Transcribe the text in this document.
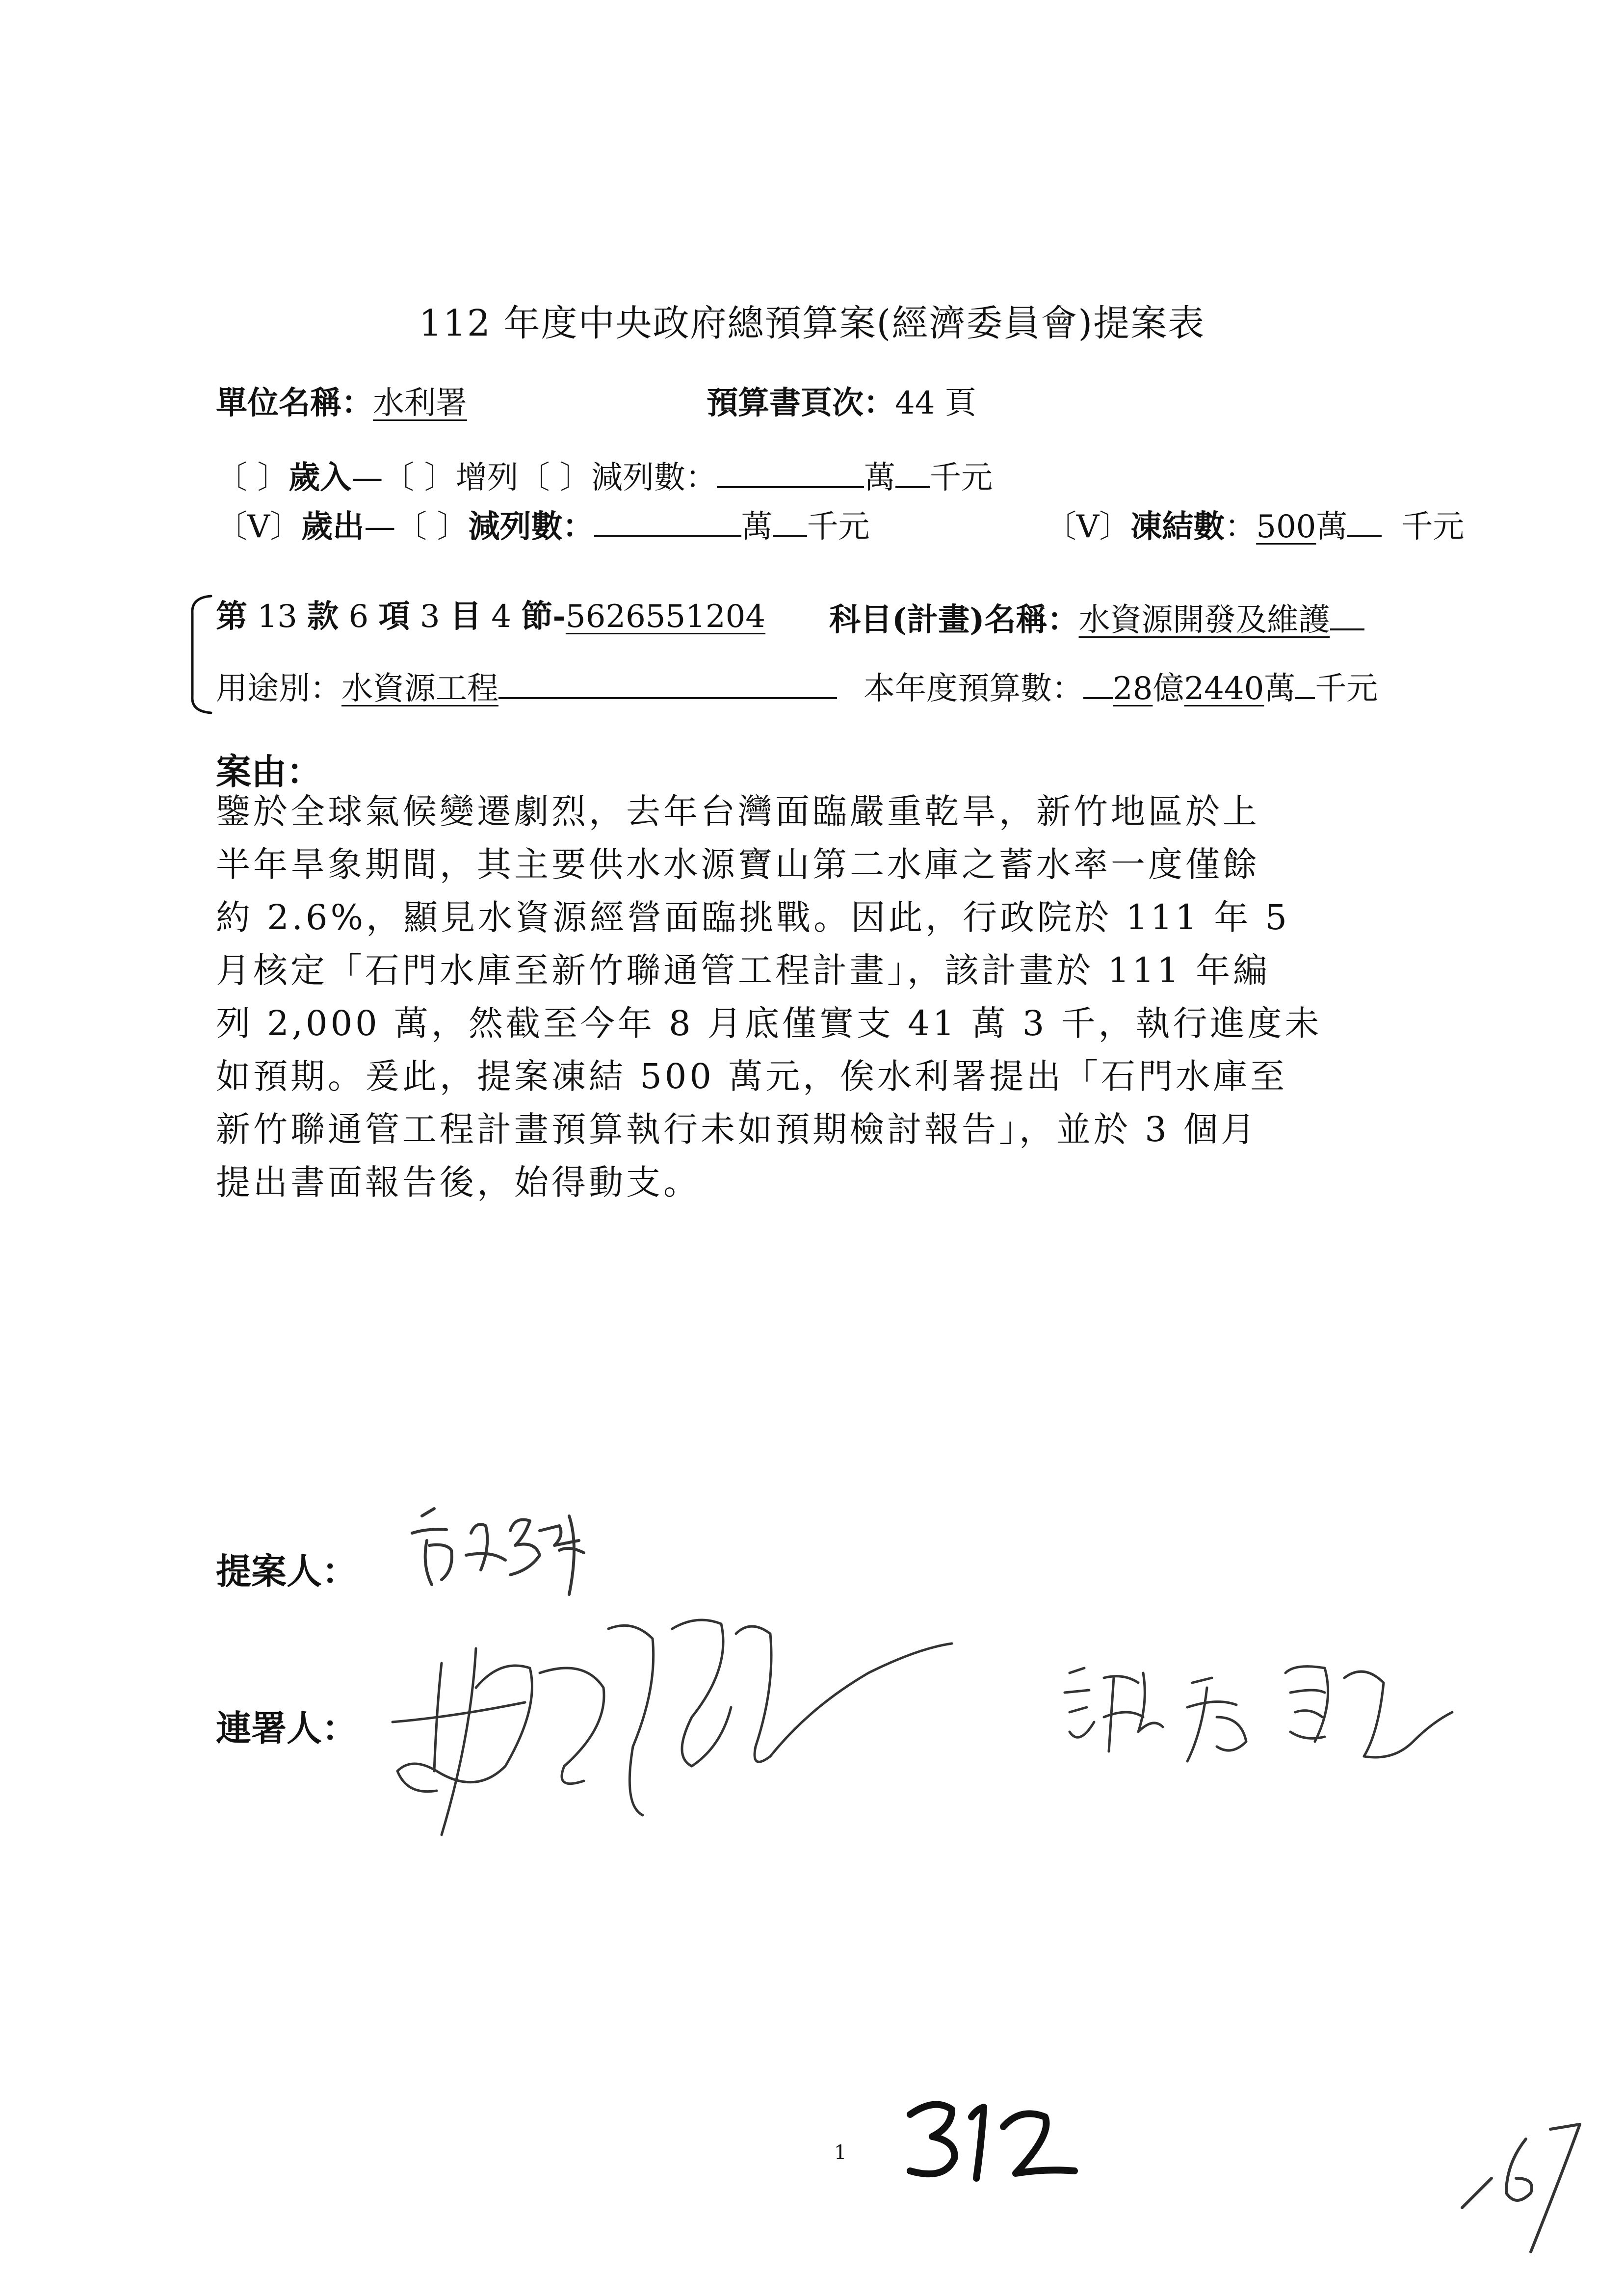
112 年度中央政府總預算案(經濟委員會)提案表
單位名稱：水利署	預算書頁次：44 頁
〔 〕歲入—〔 〕增列〔 〕減列數：	萬 千元
〔V〕歲出—〔 〕減列數：	萬 千元	〔V〕凍結數：500萬 千元
第 13 款 6 項 3 目 4 節-5626551204 科目(計畫)名稱：水資源開發及維護
用途別：水資源工程	本年度預算數： 28億2440萬 千元
案由：
鑒於全球氣候變遷劇烈，去年台灣面臨嚴重乾旱，新竹地區於上
半年旱象期間，其主要供水水源寶山第二水庫之蓄水率一度僅餘
約 2.6%，顯見水資源經營面臨挑戰。因此，行政院於 111 年 5
月核定「石門水庫至新竹聯通管工程計畫」，該計畫於 111 年編
列 2,000 萬，然截至今年 8 月底僅實支 41 萬 3 千，執行進度未
如預期。爰此，提案凍結 500 萬元，俟水利署提出「石門水庫至
新竹聯通管工程計畫預算執行未如預期檢討報告」，並於 3 個月
提出書面報告後，始得動支。
提案人：
連署人：
1
